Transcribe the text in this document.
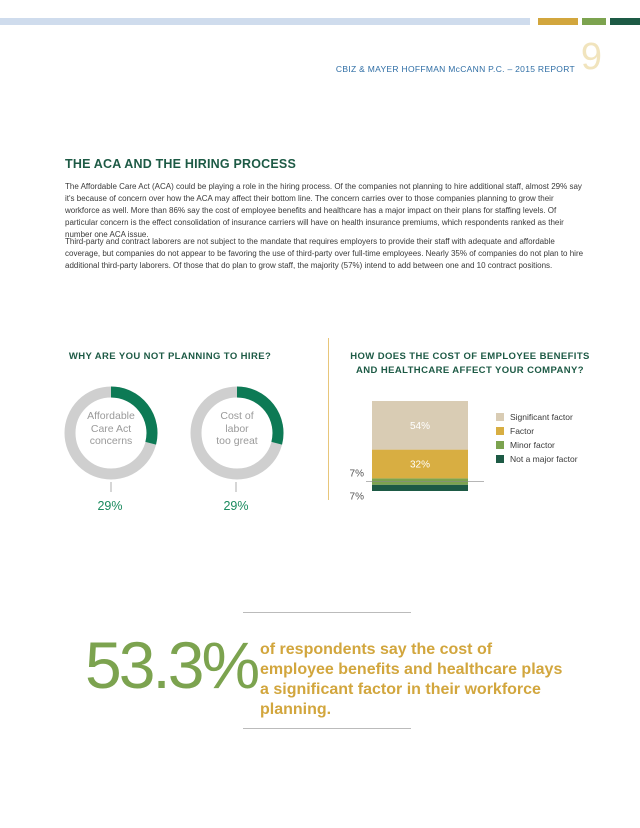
CBIZ & MAYER HOFFMAN McCANN P.C. – 2015 REPORT 9
THE ACA AND THE HIRING PROCESS

The Affordable Care Act (ACA) could be playing a role in the hiring process. Of the companies not planning to hire additional staff, almost 29% say it's because of concern over how the ACA may affect their bottom line. The concern carries over to those companies planning to grow their workforce as well. More than 86% say the cost of employee benefits and healthcare has a major impact on their plans for staffing levels. Of particular concern is the effect consolidation of insurance carriers will have on health insurance premiums, which respondents ranked as their number one ACA issue.

Third-party and contract laborers are not subject to the mandate that requires employers to provide their staff with adequate and affordable coverage, but companies do not appear to be favoring the use of third-party over full-time employees. Nearly 35% of companies do not plan to hire additional third-party laborers. Of those that do plan to grow staff, the majority (57%) intend to add between one and 10 contract positions.

WHY ARE YOU NOT PLANNING TO HIRE?	HOW DOES THE COST OF EMPLOYEE BENEFITS AND HEALTHCARE AFFECT YOUR COMPANY?
Affordable
Care Act
concerns
29%
Cost of
labor
too great
29%
54%
32%
7%
7%
Significant factor
Factor
Minor factor
Not a major factor
53.3% of respondents say the cost of employee benefits and healthcare plays a significant factor in their workforce planning.
